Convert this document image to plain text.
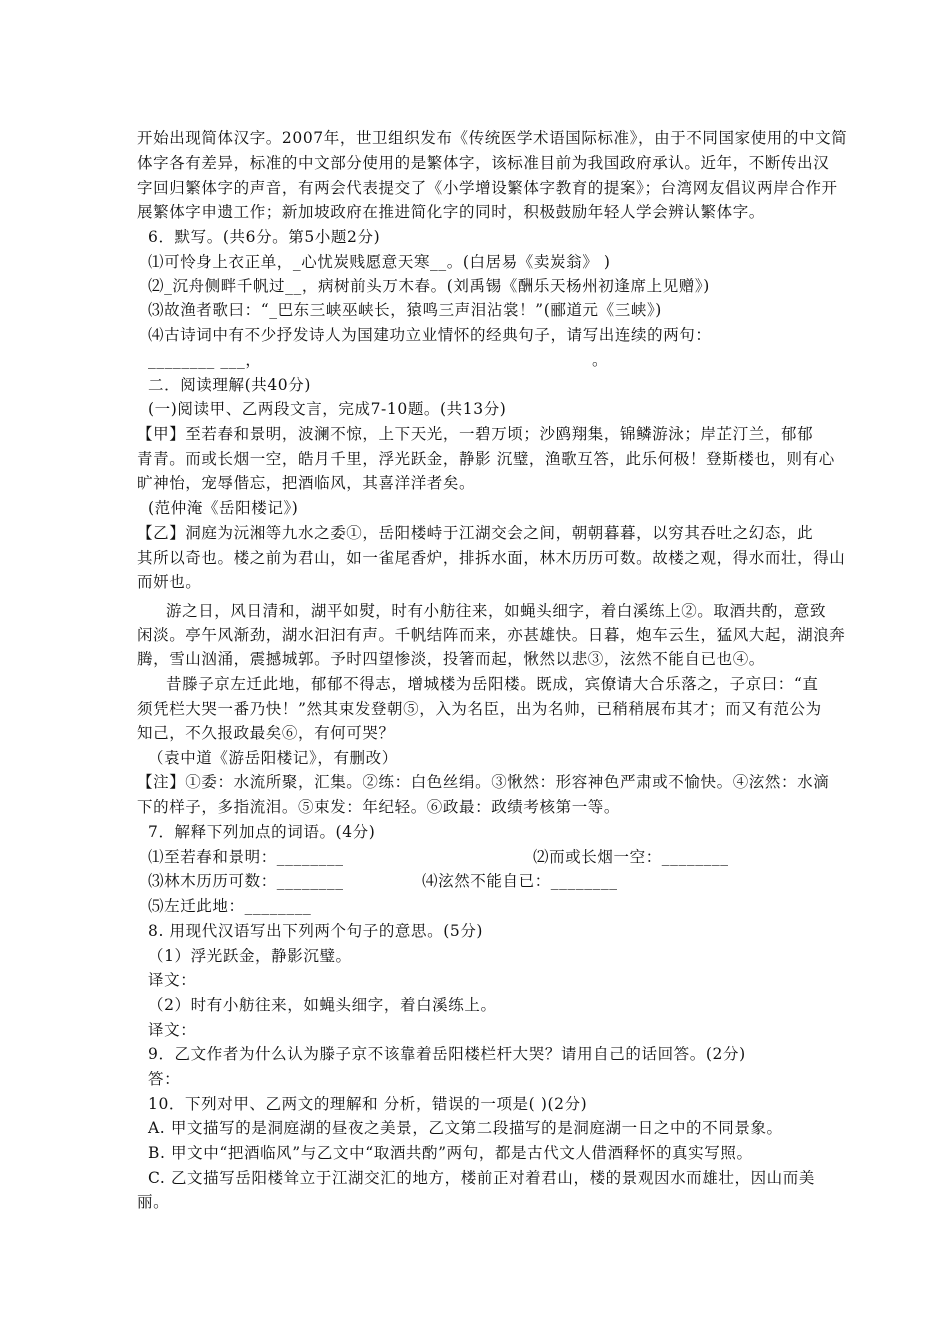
开始出现简体汉字。2007年，世卫组织发布《传统医学术语国际标准》，由于不同国家使用的中文简
体字各有差异，标准的中文部分使用的是繁体字，该标准目前为我国政府承认。近年，不断传出汉
字回归繁体字的声音，有两会代表提交了《小学增设繁体字教育的提案》；台湾网友倡议两岸合作开
展繁体字申遗工作；新加坡政府在推进简化字的同时，积极鼓励年轻人学会辨认繁体字。
6．默写。(共6分。第5小题2分)
⑴可怜身上衣正单，_心忧炭贱愿意天寒__。(白居易《卖炭翁》 )
⑵_沉舟侧畔千帆过__，病树前头万木春。(刘禹锡《酬乐天杨州初逢席上见赠》)
⑶故渔者歌曰：“_巴东三峡巫峡长，猿鸣三声泪沾裳！”(郦道元《三峡》)
⑷古诗词中有不少抒发诗人为国建功立业情怀的经典句子，请写出连续的两句：
________ ___，	。
二．阅读理解(共40分)
(一)阅读甲、乙两段文言，完成7-10题。(共13分)
【甲】至若春和景明，波澜不惊，上下天光，一碧万顷；沙鸥翔集，锦鳞游泳；岸芷汀兰，郁郁
青青。而或长烟一空，皓月千里，浮光跃金，静影 沉璧，渔歌互答，此乐何极！登斯楼也，则有心
旷神怡，宠辱偕忘，把酒临风，其喜洋洋者矣。
(范仲淹《岳阳楼记》)
【乙】洞庭为沅湘等九水之委①，岳阳楼峙于江湖交会之间，朝朝暮暮，以穷其吞吐之幻态，此
其所以奇也。楼之前为君山，如一雀尾香炉，排拆水面，林木历历可数。故楼之观，得水而壮，得山
而妍也。
游之日，风日清和，湖平如熨，时有小舫往来，如蝇头细字，着白溪练上②。取酒共酌，意致
闲淡。亭午风渐劲，湖水汩汩有声。千帆结阵而来，亦甚雄快。日暮，炮车云生，猛风大起，湖浪奔
腾，雪山汹涌，震撼城郭。予时四望惨淡，投箸而起，愀然以悲③，泫然不能自已也④。
昔滕子京左迁此地，郁郁不得志，增城楼为岳阳楼。既成，宾僚请大合乐落之，子京曰：“直
须凭栏大哭一番乃快！”然其束发登朝⑤，入为名臣，出为名帅，已稍稍展布其才；而又有范公为
知己，不久报政最矣⑥，有何可哭？
（袁中道《游岳阳楼记》，有删改）
【注】①委：水流所聚，汇集。②练：白色丝绢。③愀然：形容神色严肃或不愉快。④泫然：水滴
下的样子，多指流泪。⑤束发：年纪轻。⑥政最：政绩考核第一等。
7．解释下列加点的词语。(4分)
⑴至若春和景明：________	⑵而或长烟一空：________
⑶林木历历可数：________	⑷泫然不能自已：________
⑸左迁此地：________
8. 用现代汉语写出下列两个句子的意思。(5分)
（1）浮光跃金，静影沉璧。
译文：
（2）时有小舫往来，如蝇头细字，着白溪练上。
译文：
9．乙文作者为什么认为滕子京不该靠着岳阳楼栏杆大哭？请用自己的话回答。(2分)
答：
10．下列对甲、乙两文的理解和 分析，错误的一项是( )(2分)
A. 甲文描写的是洞庭湖的昼夜之美景，乙文第二段描写的是洞庭湖一日之中的不同景象。
B. 甲文中“把酒临风”与乙文中“取酒共酌”两句，都是古代文人借酒释怀的真实写照。
C. 乙文描写岳阳楼耸立于江湖交汇的地方，楼前正对着君山，楼的景观因水而雄壮，因山而美
丽。
